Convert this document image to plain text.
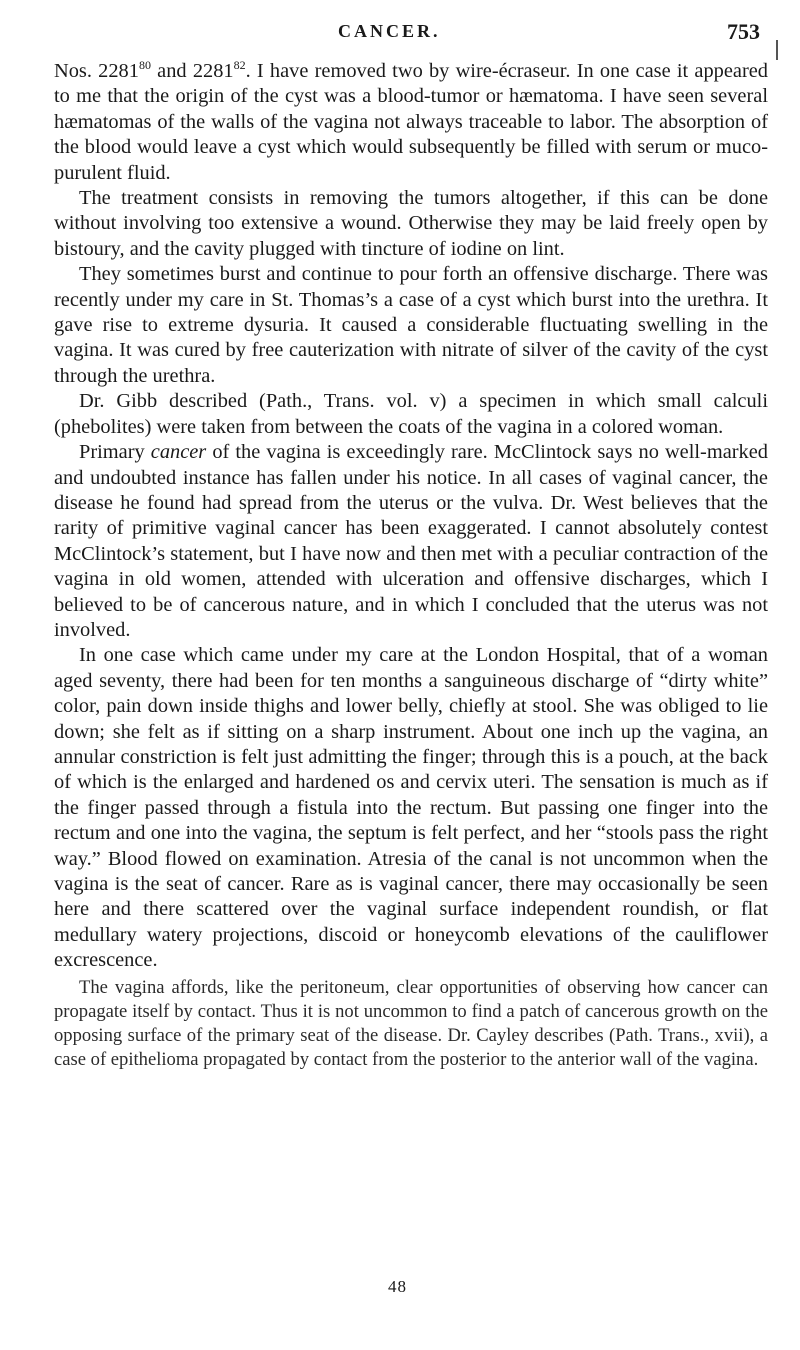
CANCER.	753

Nos. 2281$^{80}$ and 2281$^{82}$. I have removed two by wire-écraseur. In one case it appeared to me that the origin of the cyst was a blood-tumor or hæmatoma. I have seen several hæmatomas of the walls of the vagina not always traceable to labor. The absorption of the blood would leave a cyst which would subsequently be filled with serum or muco-purulent fluid.

The treatment consists in removing the tumors altogether, if this can be done without involving too extensive a wound. Otherwise they may be laid freely open by bistoury, and the cavity plugged with tincture of iodine on lint.

They sometimes burst and continue to pour forth an offensive discharge. There was recently under my care in St. Thomas’s a case of a cyst which burst into the urethra. It gave rise to extreme dysuria. It caused a considerable fluctuating swelling in the vagina. It was cured by free cauterization with nitrate of silver of the cavity of the cyst through the urethra.

Dr. Gibb described (Path., Trans. vol. v) a specimen in which small calculi (phebolites) were taken from between the coats of the vagina in a colored woman.

Primary cancer of the vagina is exceedingly rare. McClintock says no well-marked and undoubted instance has fallen under his notice. In all cases of vaginal cancer, the disease he found had spread from the uterus or the vulva. Dr. West believes that the rarity of primitive vaginal cancer has been exaggerated. I cannot absolutely contest McClintock’s statement, but I have now and then met with a peculiar contraction of the vagina in old women, attended with ulceration and offensive discharges, which I believed to be of cancerous nature, and in which I concluded that the uterus was not involved.

In one case which came under my care at the London Hospital, that of a woman aged seventy, there had been for ten months a sanguineous discharge of “dirty white” color, pain down inside thighs and lower belly, chiefly at stool. She was obliged to lie down; she felt as if sitting on a sharp instrument. About one inch up the vagina, an annular constriction is felt just admitting the finger; through this is a pouch, at the back of which is the enlarged and hardened os and cervix uteri. The sensation is much as if the finger passed through a fistula into the rectum. But passing one finger into the rectum and one into the vagina, the septum is felt perfect, and her “stools pass the right way.” Blood flowed on examination. Atresia of the canal is not uncommon when the vagina is the seat of cancer. Rare as is vaginal cancer, there may occasionally be seen here and there scattered over the vaginal surface independent roundish, or flat medullary watery projections, discoid or honeycomb elevations of the cauliflower excrescence.

The vagina affords, like the peritoneum, clear opportunities of observing how cancer can propagate itself by contact. Thus it is not uncommon to find a patch of cancerous growth on the opposing surface of the primary seat of the disease. Dr. Cayley describes (Path. Trans., xvii), a case of epithelioma propagated by contact from the posterior to the anterior wall of the vagina.

48
